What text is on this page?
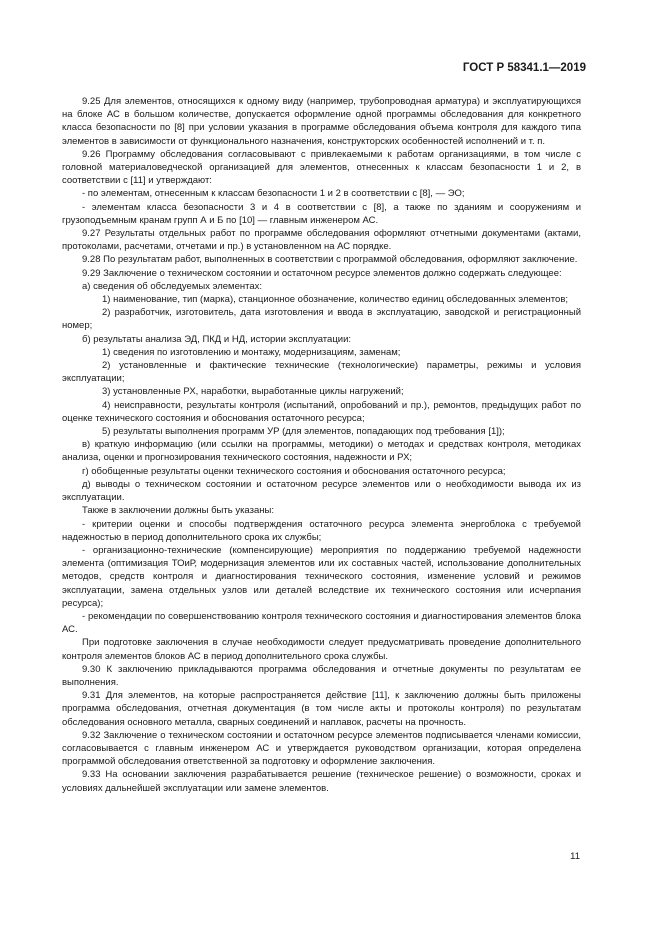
ГОСТ Р 58341.1—2019

9.25 Для элементов, относящихся к одному виду (например, трубопроводная арматура) и эксплуатирующихся на блоке АС в большом количестве, допускается оформление одной программы обследования для конкретного класса безопасности по [8] при условии указания в программе обследования объема контроля для каждого типа элементов в зависимости от функционального назначения, конструкторских особенностей исполнений и т. п.

9.26 Программу обследования согласовывают с привлекаемыми к работам организациями, в том числе с головной материаловедческой организацией для элементов, отнесенных к классам безопасности 1 и 2, в соответствии с [11] и утверждают:

- по элементам, отнесенным к классам безопасности 1 и 2 в соответствии с [8], — ЭО;

- элементам класса безопасности 3 и 4 в соответствии с [8], а также по зданиям и сооружениям и грузоподъемным кранам групп А и Б по [10] — главным инженером АС.

9.27 Результаты отдельных работ по программе обследования оформляют отчетными документами (актами, протоколами, расчетами, отчетами и пр.) в установленном на АС порядке.

9.28 По результатам работ, выполненных в соответствии с программой обследования, оформляют заключение.

9.29 Заключение о техническом состоянии и остаточном ресурсе элементов должно содержать следующее:

а) сведения об обследуемых элементах:

1) наименование, тип (марка), станционное обозначение, количество единиц обследованных элементов;

2) разработчик, изготовитель, дата изготовления и ввода в эксплуатацию, заводской и регистрационный номер;

б) результаты анализа ЭД, ПКД и НД, истории эксплуатации:

1) сведения по изготовлению и монтажу, модернизациям, заменам;

2) установленные и фактические технические (технологические) параметры, режимы и условия эксплуатации;

3) установленные РХ, наработки, выработанные циклы нагружений;

4) неисправности, результаты контроля (испытаний, опробований и пр.), ремонтов, предыдущих работ по оценке технического состояния и обоснования остаточного ресурса;

5) результаты выполнения программ УР (для элементов, попадающих под требования [1]);

в) краткую информацию (или ссылки на программы, методики) о методах и средствах контроля, методиках анализа, оценки и прогнозирования технического состояния, надежности и РХ;

г) обобщенные результаты оценки технического состояния и обоснования остаточного ресурса;

д) выводы о техническом состоянии и остаточном ресурсе элементов или о необходимости вывода их из эксплуатации.

Также в заключении должны быть указаны:

- критерии оценки и способы подтверждения остаточного ресурса элемента энергоблока с требуемой надежностью в период дополнительного срока их службы;

- организационно-технические (компенсирующие) мероприятия по поддержанию требуемой надежности элемента (оптимизация ТОиР, модернизация элементов или их составных частей, использование дополнительных методов, средств контроля и диагностирования технического состояния, изменение условий и режимов эксплуатации, замена отдельных узлов или деталей вследствие их технического состояния или исчерпания ресурса);

- рекомендации по совершенствованию контроля технического состояния и диагностирования элементов блока АС.

При подготовке заключения в случае необходимости следует предусматривать проведение дополнительного контроля элементов блоков АС в период дополнительного срока службы.

9.30 К заключению прикладываются программа обследования и отчетные документы по результатам ее выполнения.

9.31 Для элементов, на которые распространяется действие [11], к заключению должны быть приложены программа обследования, отчетная документация (в том числе акты и протоколы контроля) по результатам обследования основного металла, сварных соединений и наплавок, расчеты на прочность.

9.32 Заключение о техническом состоянии и остаточном ресурсе элементов подписывается членами комиссии, согласовывается с главным инженером АС и утверждается руководством организации, которая определена программой обследования ответственной за подготовку и оформление заключения.

9.33 На основании заключения разрабатывается решение (техническое решение) о возможности, сроках и условиях дальнейшей эксплуатации или замене элементов.

11
